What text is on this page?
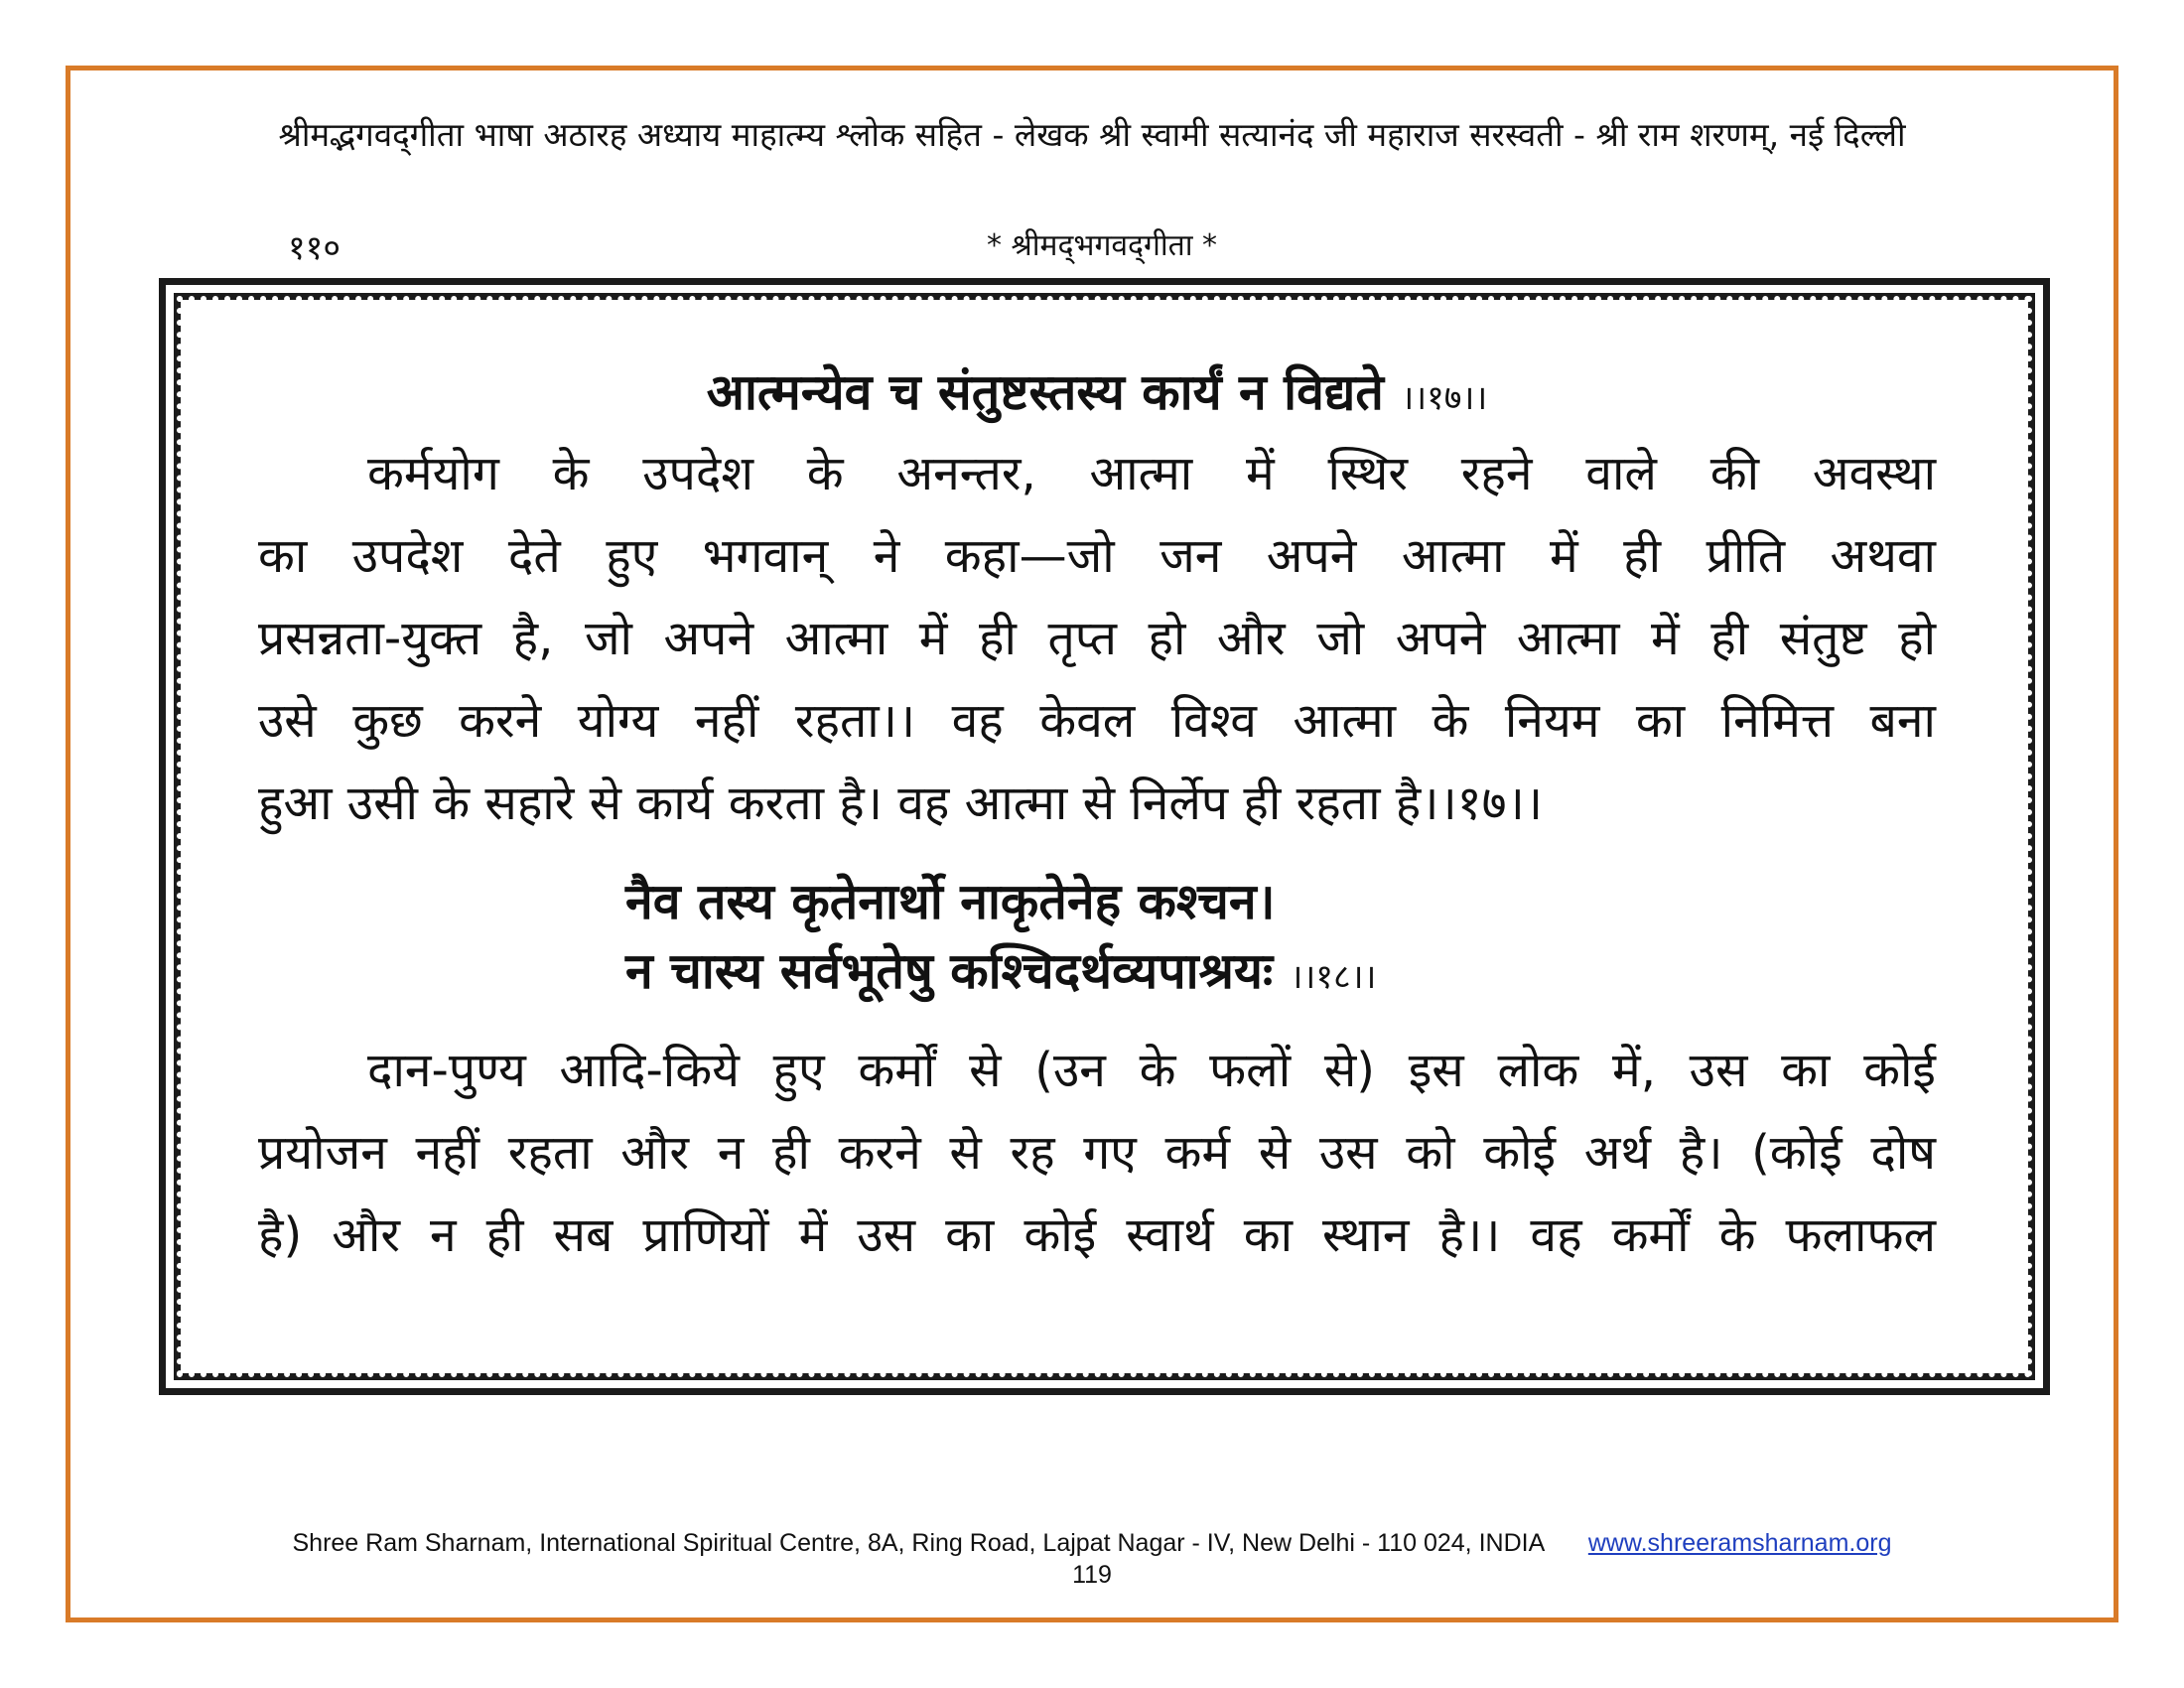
श्रीमद्भगवद्‌गीता भाषा अठारह अध्याय माहात्म्य श्लोक सहित - लेखक श्री स्वामी सत्यानंद जी महाराज सरस्वती - श्री राम शरणम्, नई दिल्ली
११०	* श्रीमद्‌भगवद्‌गीता *

आत्मन्येव च संतुष्टस्तस्य कार्यं न विद्यते ।।१७।।

कर्मयोग के उपदेश के अनन्तर, आत्मा में स्थिर रहने वाले की अवस्था
का उपदेश देते हुए भगवान् ने कहा—जो जन अपने आत्मा में ही प्रीति अथवा
प्रसन्नता-युक्त है, जो अपने आत्मा में ही तृप्त हो और जो अपने आत्मा में ही संतुष्ट हो
उसे कुछ करने योग्य नहीं रहता।। वह केवल विश्व आत्मा के नियम का निमित्त बना
हुआ उसी के सहारे से कार्य करता है। वह आत्मा से निर्लेप ही रहता है।।१७।।

नैव तस्य कृतेनार्थो नाकृतेनेह कश्चन।

न चास्य सर्वभूतेषु कश्चिदर्थव्यपाश्रयः ।।१८।।

दान-पुण्य आदि-किये हुए कर्मों से (उन के फलों से) इस लोक में, उस का कोई
प्रयोजन नहीं रहता और न ही करने से रह गए कर्म से उस को कोई अर्थ है। (कोई दोष
है) और न ही सब प्राणियों में उस का कोई स्वार्थ का स्थान है।। वह कर्मों के फलाफल

Shree Ram Sharnam, International Spiritual Centre, 8A, Ring Road, Lajpat Nagar - IV, New Delhi - 110 024, INDIA www.shreeramsharnam.org
119
